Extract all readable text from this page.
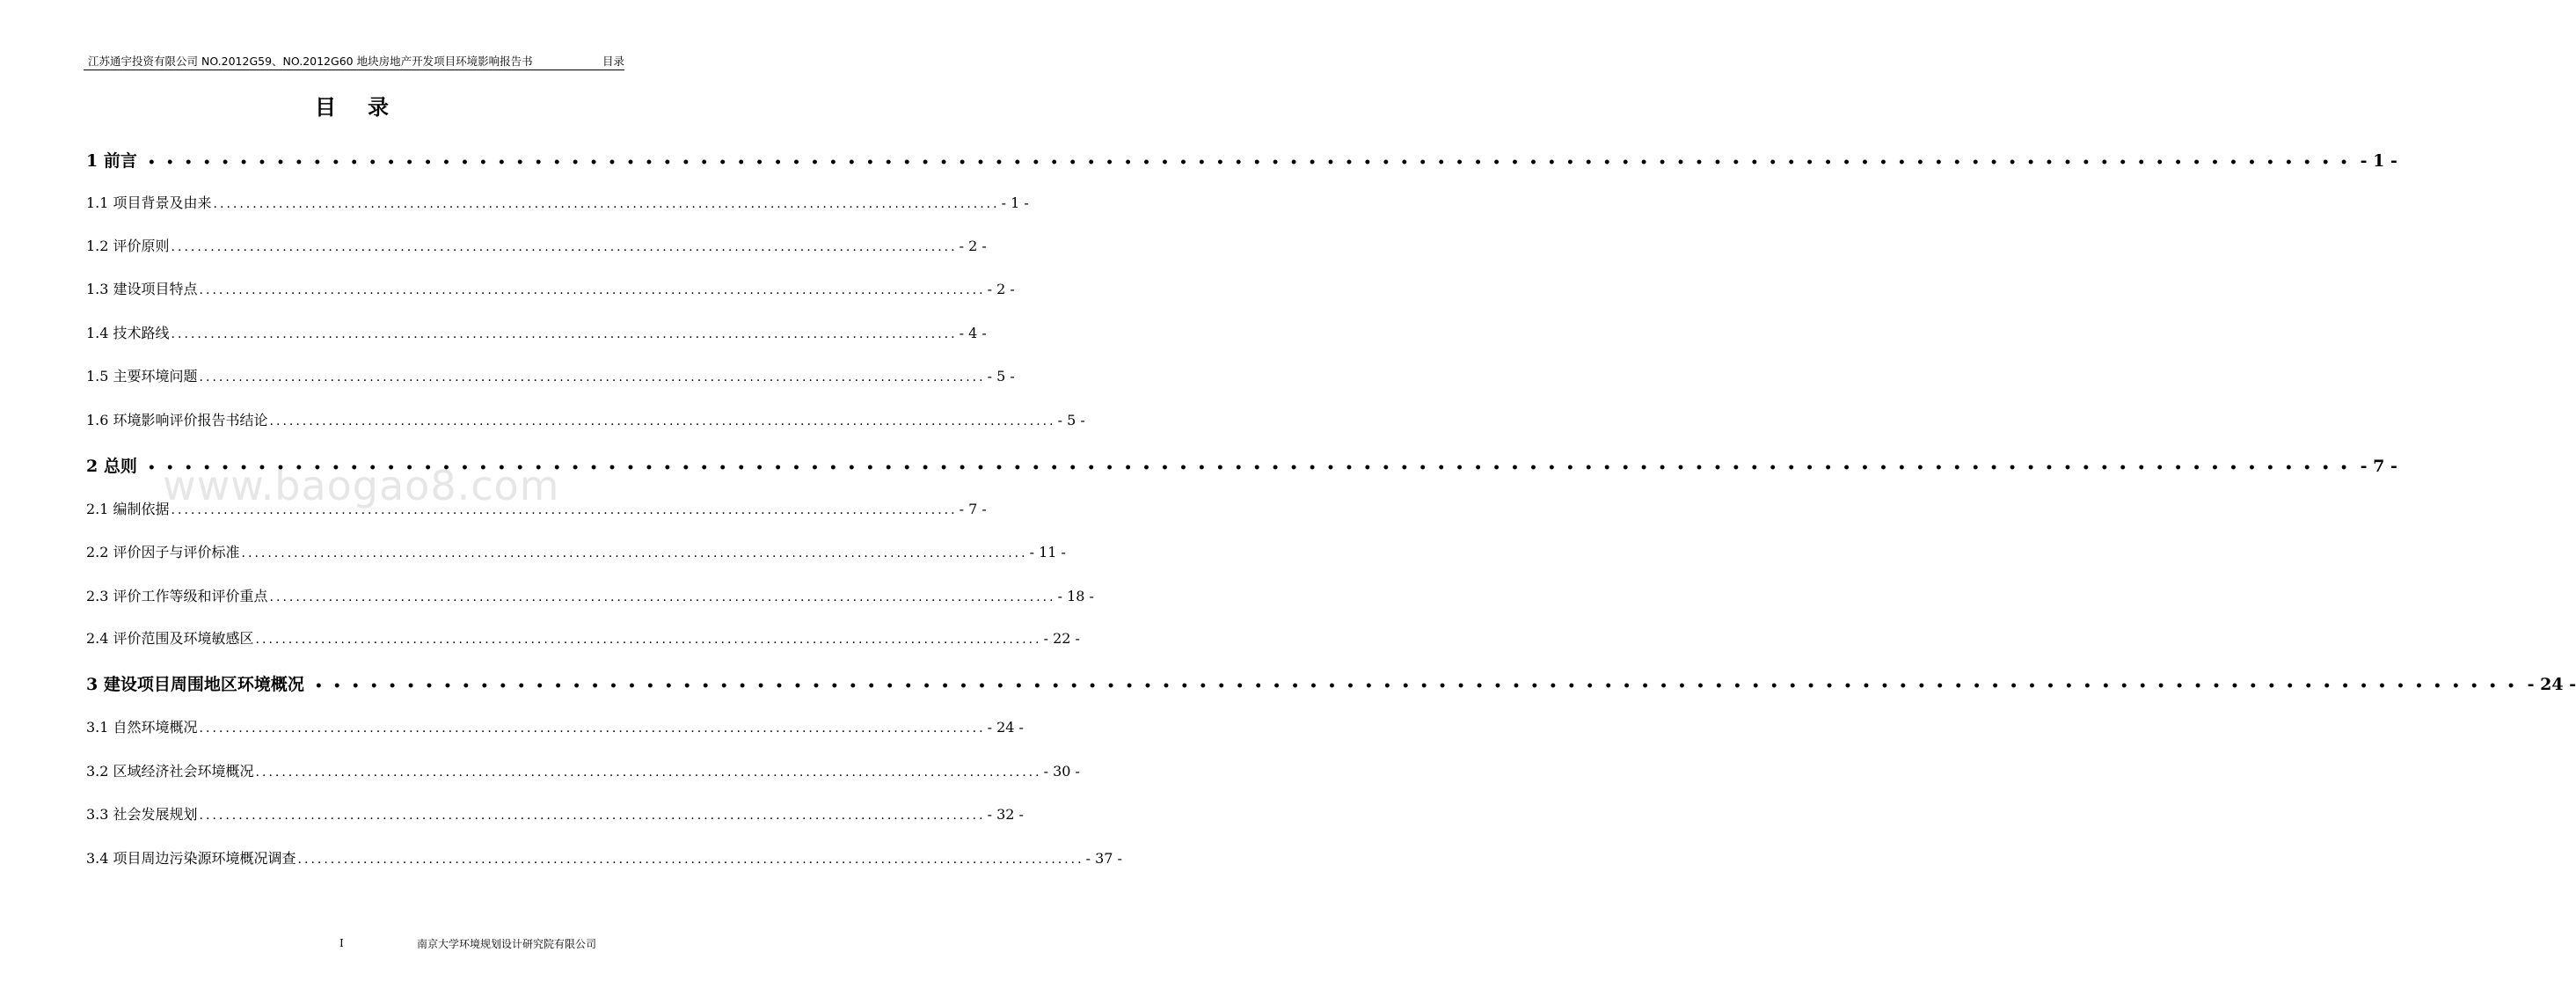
江苏通宇投资有限公司 NO.2012G59、NO.2012G60 地块房地产开发项目环境影响报告书	目录
目录
www.baogao8.com
1 前言 •••••••••••••••••••••••••••••••••••••••••••••••••••••••••••••••••••••••••••••••••••••••••••••••••••••••••••••••••••••••• - 1 -
1.1 项目背景及由来 ........................................................................................................................ - 1 -
1.2 评价原则 ........................................................................................................................ - 2 -
1.3 建设项目特点 ........................................................................................................................ - 2 -
1.4 技术路线 ........................................................................................................................ - 4 -
1.5 主要环境问题 ........................................................................................................................ - 5 -
1.6 环境影响评价报告书结论 ........................................................................................................................ - 5 -
2 总则 •••••••••••••••••••••••••••••••••••••••••••••••••••••••••••••••••••••••••••••••••••••••••••••••••••••••••••••••••••••••• - 7 -
2.1 编制依据 ........................................................................................................................ - 7 -
2.2 评价因子与评价标准 ........................................................................................................................ - 11 -
2.3 评价工作等级和评价重点 ........................................................................................................................ - 18 -
2.4 评价范围及环境敏感区 ........................................................................................................................ - 22 -
3 建设项目周围地区环境概况 •••••••••••••••••••••••••••••••••••••••••••••••••••••••••••••••••••••••••••••••••••••••••••••••••••••••••••••••••••••••• - 24 -
3.1 自然环境概况 ........................................................................................................................ - 24 -
3.2 区域经济社会环境概况 ........................................................................................................................ - 30 -
3.3 社会发展规划 ........................................................................................................................ - 32 -
3.4 项目周边污染源环境概况调查 ........................................................................................................................ - 37 -
I	南京大学环境规划设计研究院有限公司
